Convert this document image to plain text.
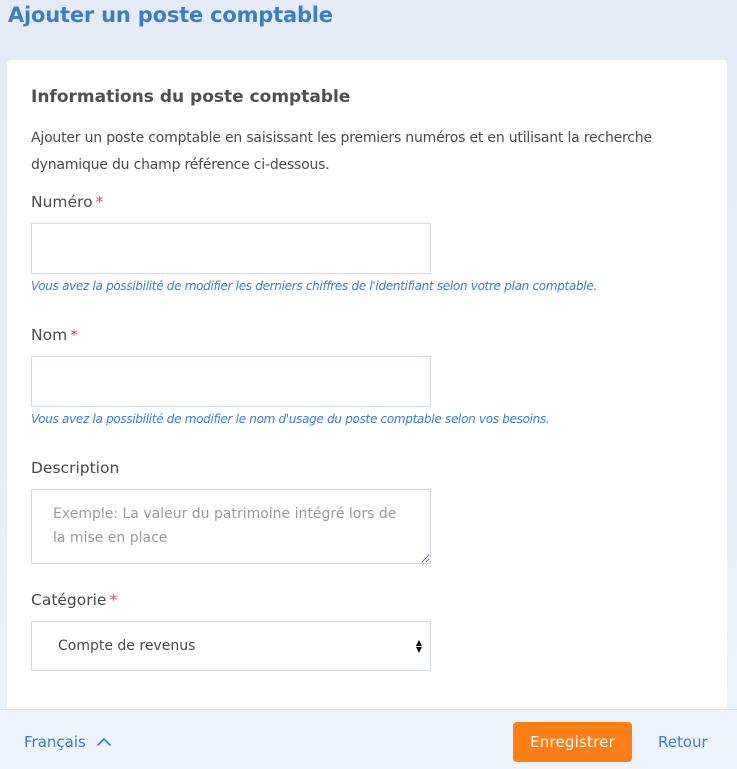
Ajouter un poste comptable
Informations du poste comptable
Ajouter un poste comptable en saisissant les premiers numéros et en utilisant la recherche dynamique du champ référence ci-dessous.
Numéro *
Vous avez la possibilité de modifier les derniers chiffres de l'identifiant selon votre plan comptable.
Nom *
Vous avez la possibilité de modifier le nom d'usage du poste comptable selon vos besoins.
Description
Exemple: La valeur du patrimoine intégré lors de la mise en place
Catégorie *
Compte de revenus	▲
▼
Français	Enregistrer	Retour
